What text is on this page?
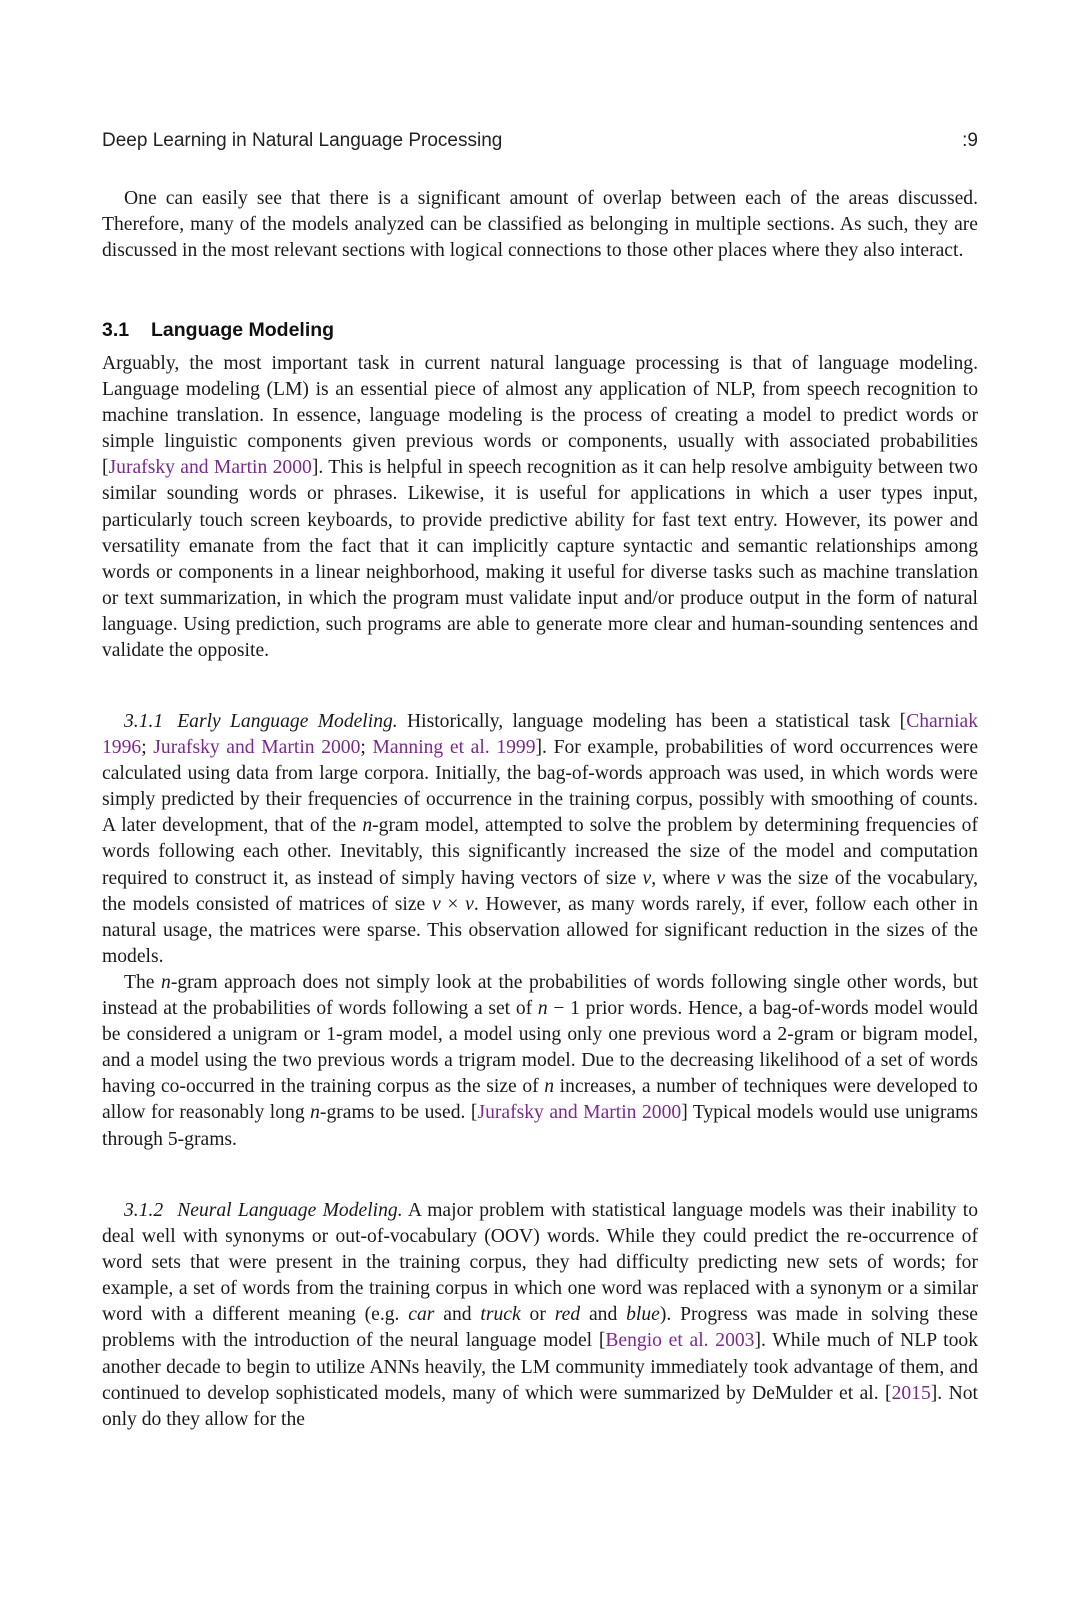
Deep Learning in Natural Language Processing	:9

One can easily see that there is a significant amount of overlap between each of the areas discussed. Therefore, many of the models analyzed can be classified as belonging in multiple sections. As such, they are discussed in the most relevant sections with logical connections to those other places where they also interact.

3.1 Language Modeling

Arguably, the most important task in current natural language processing is that of language modeling. Language modeling (LM) is an essential piece of almost any application of NLP, from speech recognition to machine translation. In essence, language modeling is the process of creating a model to predict words or simple linguistic components given previous words or components, usually with associated probabilities [Jurafsky and Martin 2000]. This is helpful in speech recognition as it can help resolve ambiguity between two similar sounding words or phrases. Likewise, it is useful for applications in which a user types input, particularly touch screen keyboards, to provide predictive ability for fast text entry. However, its power and versatility emanate from the fact that it can implicitly capture syntactic and semantic relationships among words or components in a linear neighborhood, making it useful for diverse tasks such as machine translation or text summarization, in which the program must validate input and/or produce output in the form of natural language. Using prediction, such programs are able to generate more clear and human-sounding sentences and validate the opposite.

3.1.1 Early Language Modeling. Historically, language modeling has been a statistical task [Charniak 1996; Jurafsky and Martin 2000; Manning et al. 1999]. For example, probabilities of word occurrences were calculated using data from large corpora. Initially, the bag-of-words approach was used, in which words were simply predicted by their frequencies of occurrence in the training corpus, possibly with smoothing of counts. A later development, that of the n-gram model, attempted to solve the problem by determining frequencies of words following each other. Inevitably, this significantly increased the size of the model and computation required to construct it, as instead of simply having vectors of size v, where v was the size of the vocabulary, the models consisted of matrices of size v × v. However, as many words rarely, if ever, follow each other in natural usage, the matrices were sparse. This observation allowed for significant reduction in the sizes of the models.

The n-gram approach does not simply look at the probabilities of words following single other words, but instead at the probabilities of words following a set of n − 1 prior words. Hence, a bag-of-words model would be considered a unigram or 1-gram model, a model using only one previous word a 2-gram or bigram model, and a model using the two previous words a trigram model. Due to the decreasing likelihood of a set of words having co-occurred in the training corpus as the size of n increases, a number of techniques were developed to allow for reasonably long n-grams to be used. [Jurafsky and Martin 2000] Typical models would use unigrams through 5-grams.

3.1.2 Neural Language Modeling. A major problem with statistical language models was their inability to deal well with synonyms or out-of-vocabulary (OOV) words. While they could predict the re-occurrence of word sets that were present in the training corpus, they had difficulty predicting new sets of words; for example, a set of words from the training corpus in which one word was replaced with a synonym or a similar word with a different meaning (e.g. car and truck or red and blue). Progress was made in solving these problems with the introduction of the neural language model [Bengio et al. 2003]. While much of NLP took another decade to begin to utilize ANNs heavily, the LM community immediately took advantage of them, and continued to develop sophisticated models, many of which were summarized by DeMulder et al. [2015]. Not only do they allow for the
